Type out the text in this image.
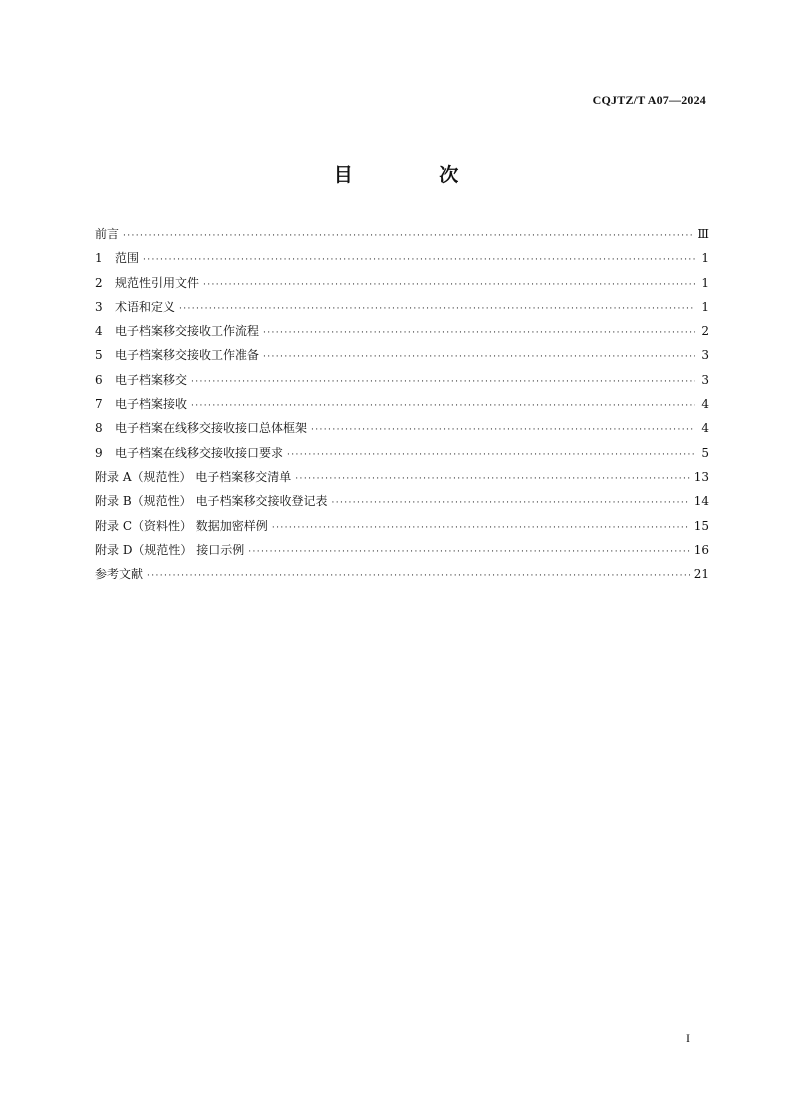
CQJTZ/T A07—2024
目 次
前言 ·····	Ⅲ
1	范围 ·····	1
2	规范性引用文件 ·····	1
3	术语和定义 ·····	1
4	电子档案移交接收工作流程 ·····	2
5	电子档案移交接收工作准备 ·····	3
6	电子档案移交 ·····	3
7	电子档案接收 ·····	4
8	电子档案在线移交接收接口总体框架 ·····	4
9	电子档案在线移交接收接口要求 ·····	5
附录 A（规范性） 电子档案移交清单 ·····	13
附录 B（规范性） 电子档案移交接收登记表 ·····	14
附录 C（资料性） 数据加密样例 ·····	15
附录 D（规范性） 接口示例 ·····	16
参考文献 ·····	21
I
